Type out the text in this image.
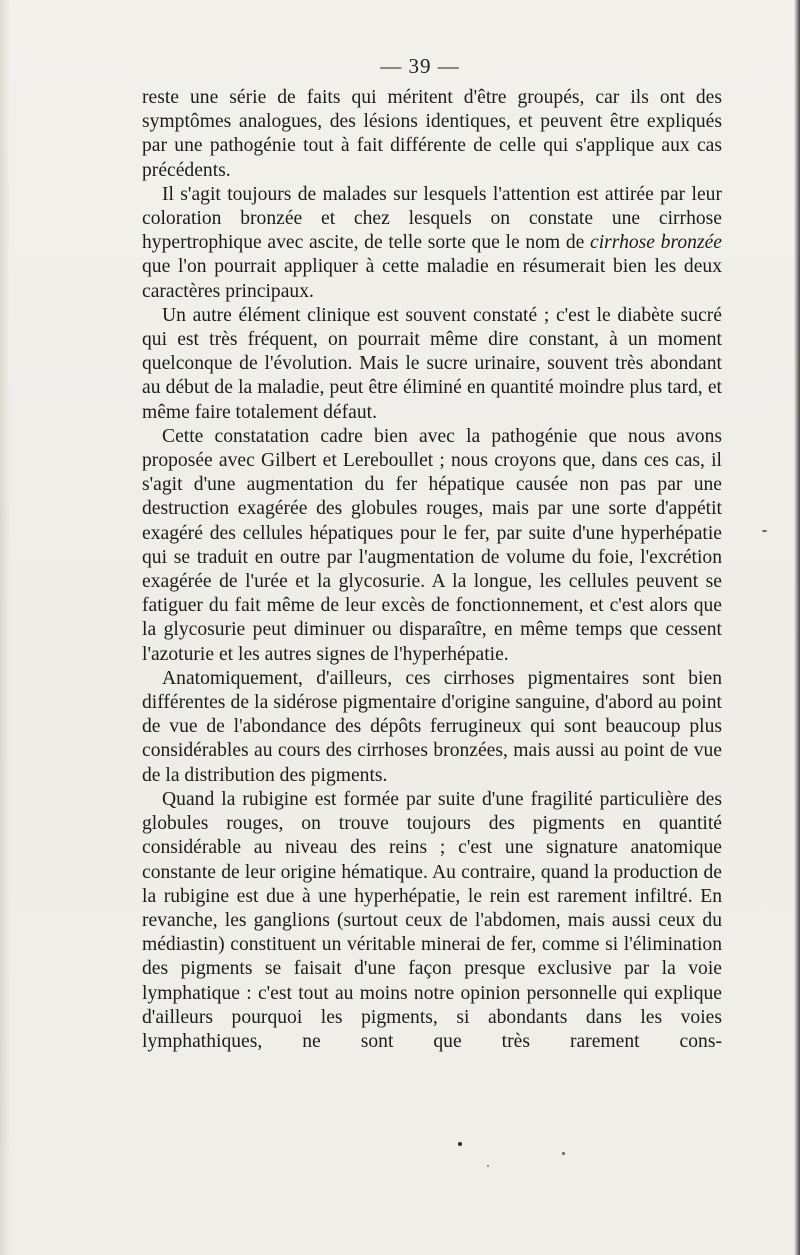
— 39 —

reste une série de faits qui méritent d'être groupés, car ils ont des symptômes analogues, des lésions identiques, et peuvent être expliqués par une pathogénie tout à fait différente de celle qui s'applique aux cas précédents.

Il s'agit toujours de malades sur lesquels l'attention est attirée par leur coloration bronzée et chez lesquels on constate une cirrhose hypertrophique avec ascite, de telle sorte que le nom de cirrhose bronzée que l'on pourrait appliquer à cette maladie en résumerait bien les deux caractères principaux.

Un autre élément clinique est souvent constaté ; c'est le diabète sucré qui est très fréquent, on pourrait même dire constant, à un moment quelconque de l'évolution. Mais le sucre urinaire, souvent très abondant au début de la maladie, peut être éliminé en quantité moindre plus tard, et même faire totalement défaut.

Cette constatation cadre bien avec la pathogénie que nous avons proposée avec Gilbert et Lereboullet ; nous croyons que, dans ces cas, il s'agit d'une augmentation du fer hépatique causée non pas par une destruction exagérée des globules rouges, mais par une sorte d'appétit exagéré des cellules hépatiques pour le fer, par suite d'une hyperhépatie qui se traduit en outre par l'augmentation de volume du foie, l'excrétion exagérée de l'urée et la glycosurie. A la longue, les cellules peuvent se fatiguer du fait même de leur excès de fonctionnement, et c'est alors que la glycosurie peut diminuer ou disparaître, en même temps que cessent l'azoturie et les autres signes de l'hyperhépatie.

Anatomiquement, d'ailleurs, ces cirrhoses pigmentaires sont bien différentes de la sidérose pigmentaire d'origine sanguine, d'abord au point de vue de l'abondance des dépôts ferrugineux qui sont beaucoup plus considérables au cours des cirrhoses bronzées, mais aussi au point de vue de la distribution des pigments.

Quand la rubigine est formée par suite d'une fragilité particulière des globules rouges, on trouve toujours des pigments en quantité considérable au niveau des reins ; c'est une signature anatomique constante de leur origine hématique. Au contraire, quand la production de la rubigine est due à une hyperhépatie, le rein est rarement infiltré. En revanche, les ganglions (surtout ceux de l'abdomen, mais aussi ceux du médiastin) constituent un véritable minerai de fer, comme si l'élimination des pigments se faisait d'une façon presque exclusive par la voie lymphatique : c'est tout au moins notre opinion personnelle qui explique d'ailleurs pourquoi les pigments, si abondants dans les voies lymphathiques, ne sont que très rarement cons-
